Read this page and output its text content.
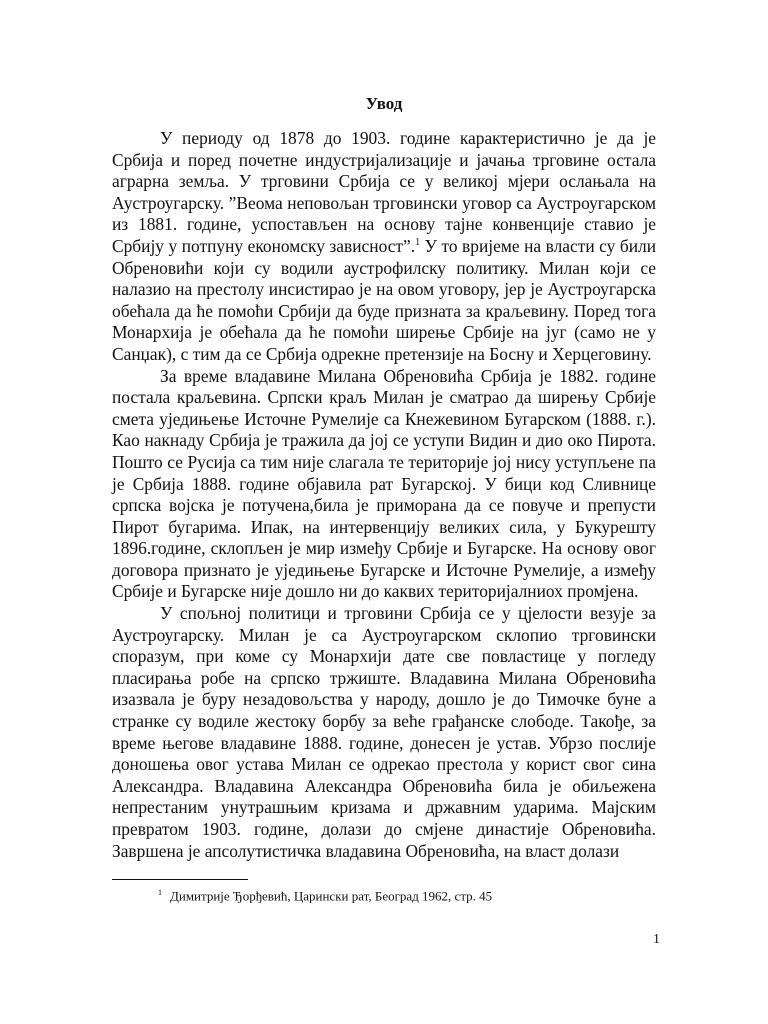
Увод

У периоду од 1878 до 1903. године карактеристично је да је Србија и поред почетне индустријализације и јачања трговине остала аграрна земља. У трговини Србија се у великој мјери ослањала на Аустроугарску. ”Веома неповољан трговински уговор са Аустроугарском из 1881. године, успостављен на основу тајне конвенције ставио је Србију у потпуну економску зависност”.$^1$ У то вријеме на власти су били Обреновићи који су водили аустрофилску политику. Милан који се налазио на престолу инсистирао је на овом уговору, јер је Аустроугарска обећала да ће помоћи Србији да буде призната за краљевину. Поред тога Монархија је обећала да ће помоћи ширење Србије на југ (само не у Санџак), с тим да се Србија одрекне претензије на Босну и Херцеговину.

За време владавине Милана Обреновића Србија је 1882. године постала краљевина. Српски краљ Милан је сматрао да ширењу Србије смета уједињење Источне Румелије са Кнежевином Бугарском (1888. г.). Као накнаду Србија је тражила да јој се уступи Видин и дио око Пирота. Пошто се Русија са тим није слагала те територије јој нису уступљене па је Србија 1888. године објавила рат Бугарској. У бици код Сливнице српска војска је потучена,била је приморана да се повуче и препусти Пирот бугарима. Ипак, на интервенцију великих сила, у Букурешту 1896.године, склопљен је мир између Србије и Бугарске. На основу овог договора признато је уједињење Бугарске и Источне Румелије, а између Србије и Бугарске није дошло ни до каквих територијалниох промјена.

У спољној политици и трговини Србија се у цјелости везује за Аустроугарску. Милан је са Аустроугарском склопио трговински споразум, при коме су Монархији дате све повластице у погледу пласирања робе на српско тржиште. Владавина Милана Обреновића изазвала је буру незадовољства у народу, дошло је до Тимочке буне а странке су водиле жестоку борбу за веће грађанске слободе. Такође, за време његове владавине 1888. године, донесен је устав. Убрзо послије доношења овог устава Милан се одрекао престола у корист свог сина Александра. Владавина Александра Обреновића била је обиљежена непрестаним унутрашњим кризама и државним ударима. Мајским превратом 1903. године, долази до смјене династије Обреновића. Завршена је апсолутистичка владавина Обреновића, на власт долази

$^1$ Димитрије Ђорђевић, Царински рат, Београд 1962, стр. 45
1
